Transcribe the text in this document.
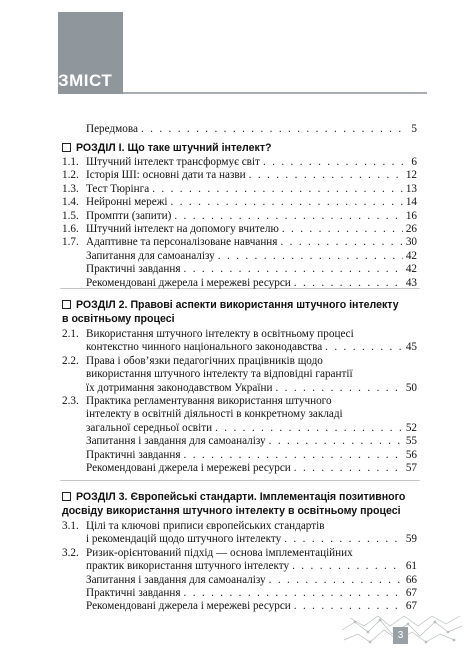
ЗМІСТ
Передмова . . .	5
РОЗДІЛ І. Що таке штучний інтелект?
1.1. Штучний інтелект трансформує світ . . .	6
1.2. Історія ШІ: основні дати та назви . . .	12
1.3. Тест Тюрінга . . .	13
1.4. Нейронні мережі . . .	14
1.5. Промпти (запити) . . .	16
1.6. Штучний інтелект на допомогу вчителю . . .	26
1.7. Адаптивне та персоналізоване навчання . . .	30
Запитання для самоаналізу . . .	42
Практичні завдання . . .	42
Рекомендовані джерела і мережеві ресурси . . .	43
РОЗДІЛ 2. Правові аспекти використання штучного інтелекту
в освітньому процесі
2.1. Використання штучного інтелекту в освітньому процесі
контекстно чинного національного законодавства . . .	45
2.2. Права і обов’язки педагогічних працівників щодо
використання штучного інтелекту та відповідні гарантії
їх дотримання законодавством України . . .	50
2.3. Практика регламентування використання штучного
інтелекту в освітній діяльності в конкретному закладі
загальної середньої освіти . . .	52
Запитання і завдання для самоаналізу . . .	55
Практичні завдання . . .	56
Рекомендовані джерела і мережеві ресурси . . .	57
РОЗДІЛ 3. Європейські стандарти. Імплементація позитивного
досвіду використання штучного інтелекту в освітньому процесі
3.1. Цілі та ключові приписи європейських стандартів
і рекомендацій щодо штучного інтелекту . . .	59
3.2. Ризик-орієнтований підхід — основа імплементаційних
практик використання штучного інтелекту . . .	61
Запитання і завдання для самоаналізу . . .	66
Практичні завдання . . .	67
Рекомендовані джерела і мережеві ресурси . . .	67
3
